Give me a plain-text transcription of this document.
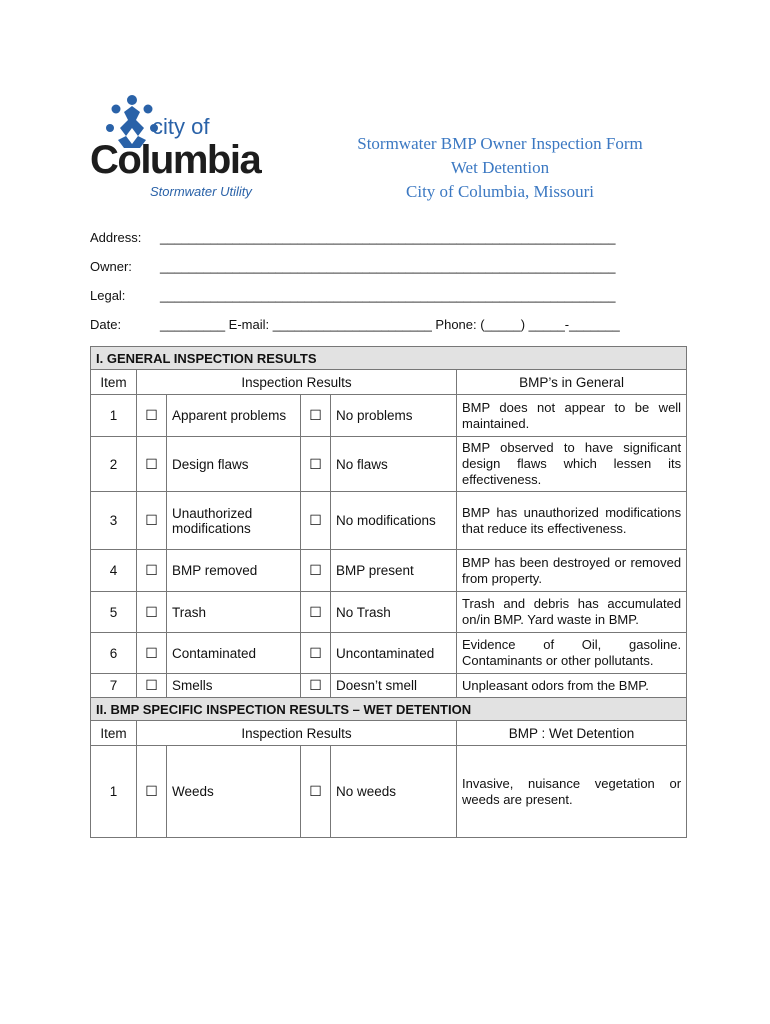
city of
Columbia
Stormwater Utility
Stormwater BMP Owner Inspection Form
Wet Detention
City of Columbia, Missouri
Address: _______________________________________________________________
Owner: _______________________________________________________________
Legal:	_______________________________________________________________
Date:	_________ E-mail: ______________________ Phone: (_____) _____-_______
I. GENERAL INSPECTION RESULTS					
Item	Inspection Results				BMP’s in General
1	☐	Apparent problems	☐	No problems	BMP does not appear to be well maintained.
2	☐	Design flaws	☐	No flaws	BMP observed to have significant design flaws which lessen its effectiveness.
3	☐	Unauthorized modifications	☐	No modifications	BMP has unauthorized modifications that reduce its effectiveness.
4	☐	BMP removed	☐	BMP present	BMP has been destroyed or removed from property.
5	☐	Trash	☐	No Trash	Trash and debris has accumulated on/in BMP. Yard waste in BMP.
6	☐	Contaminated	☐	Uncontaminated	Evidence of Oil, gasoline. Contaminants or other pollutants.
7	☐	Smells	☐	Doesn’t smell	Unpleasant odors from the BMP.
II. BMP SPECIFIC INSPECTION RESULTS – WET DETENTION					
Item	Inspection Results				BMP : Wet Detention
1	☐	Weeds	☐	No weeds	Invasive, nuisance vegetation or weeds are present.
